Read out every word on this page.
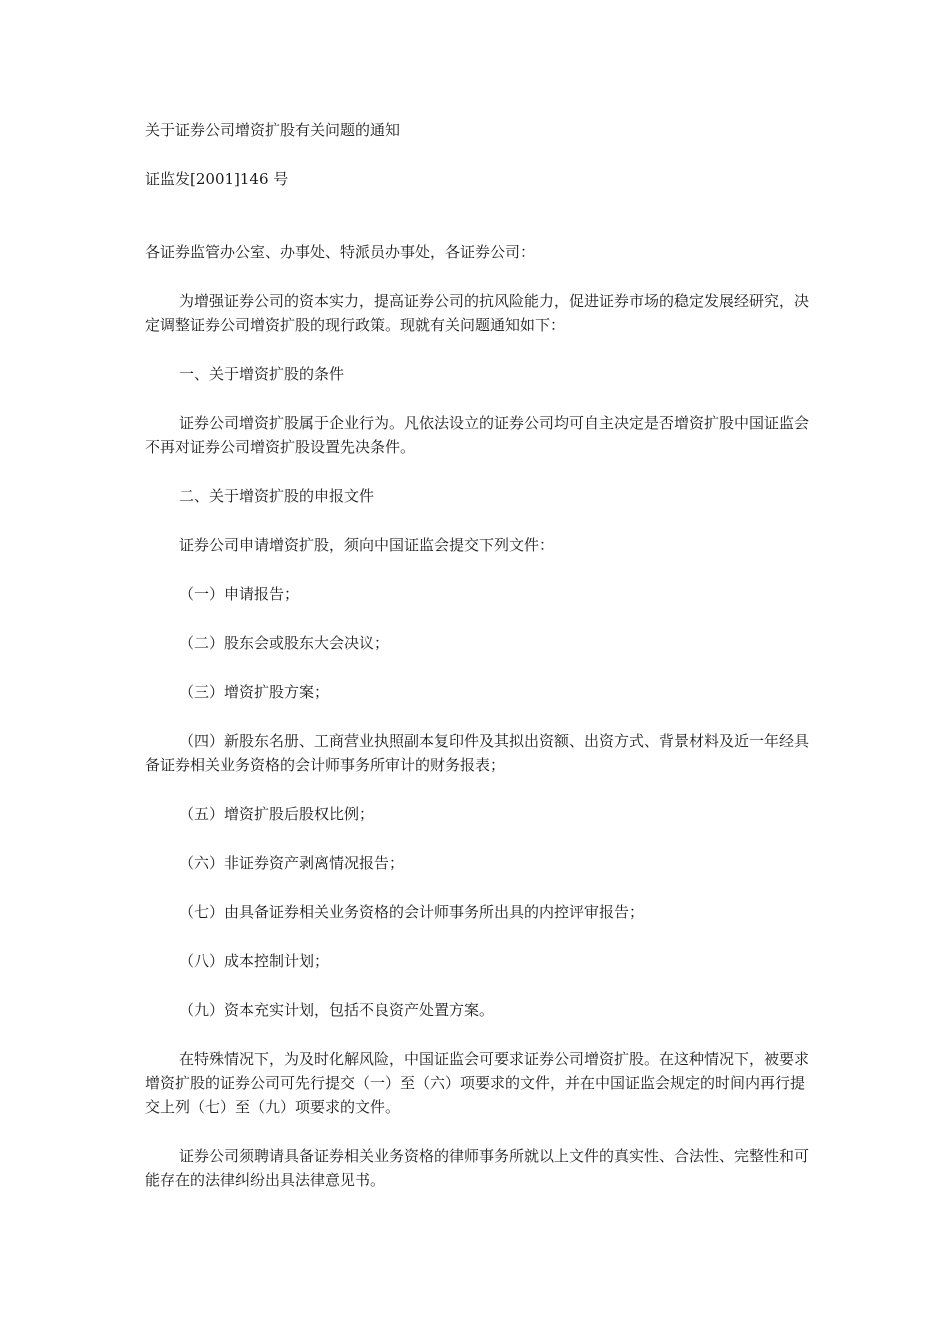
关于证券公司增资扩股有关问题的通知

证监发[2001]146 号

各证券监管办公室、办事处、特派员办事处，各证券公司：

为增强证券公司的资本实力，提高证券公司的抗风险能力，促进证券市场的稳定发展经研究，决定调整证券公司增资扩股的现行政策。现就有关问题通知如下：

一、关于增资扩股的条件

证券公司增资扩股属于企业行为。凡依法设立的证券公司均可自主决定是否增资扩股中国证监会不再对证券公司增资扩股设置先决条件。

二、关于增资扩股的申报文件

证券公司申请增资扩股，须向中国证监会提交下列文件：

（一）申请报告；

（二）股东会或股东大会决议；

（三）增资扩股方案；

（四）新股东名册、工商营业执照副本复印件及其拟出资额、出资方式、背景材料及近一年经具备证券相关业务资格的会计师事务所审计的财务报表；

（五）增资扩股后股权比例；

（六）非证券资产剥离情况报告；

（七）由具备证券相关业务资格的会计师事务所出具的内控评审报告；

（八）成本控制计划；

（九）资本充实计划，包括不良资产处置方案。

在特殊情况下，为及时化解风险，中国证监会可要求证券公司增资扩股。在这种情况下，被要求增资扩股的证券公司可先行提交（一）至（六）项要求的文件，并在中国证监会规定的时间内再行提交上列（七）至（九）项要求的文件。

证券公司须聘请具备证券相关业务资格的律师事务所就以上文件的真实性、合法性、完整性和可能存在的法律纠纷出具法律意见书。
